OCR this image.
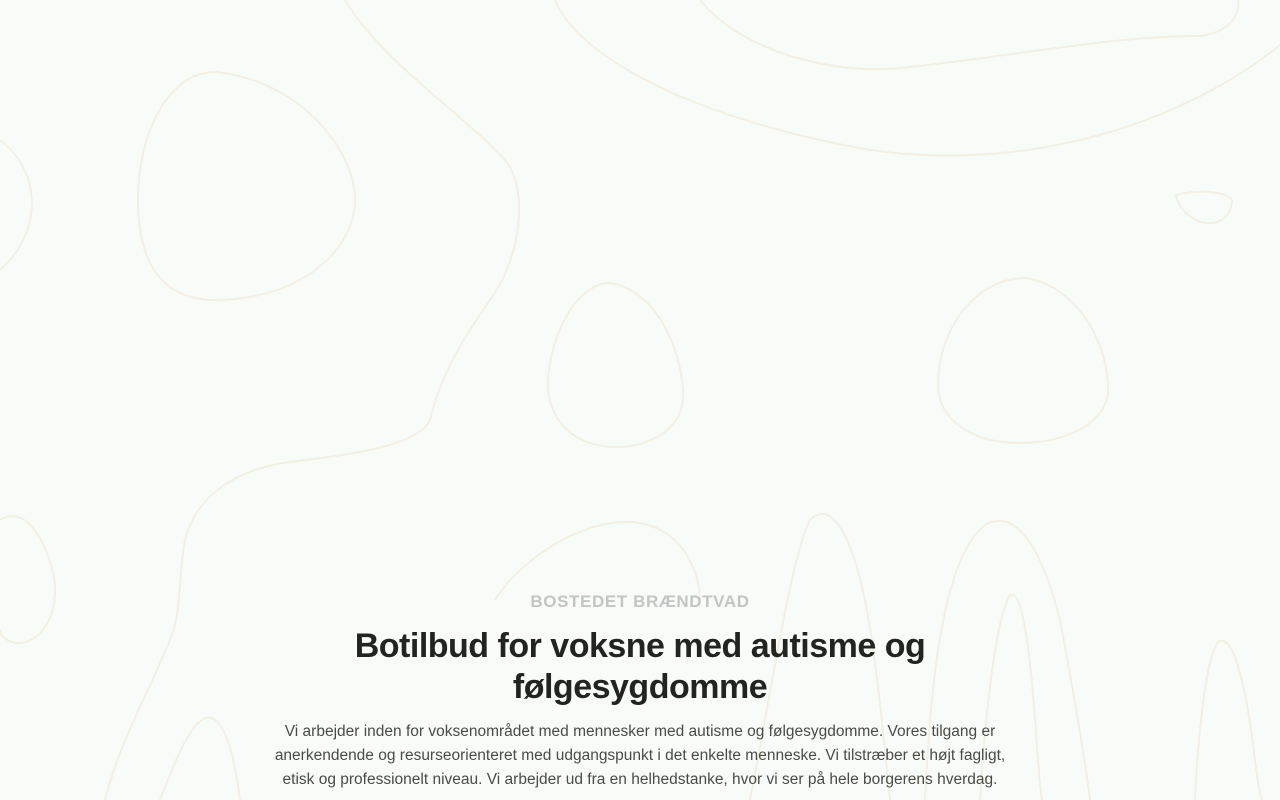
BOSTEDET BRÆNDTVAD

Botilbud for voksne med autisme og følgesygdomme

Vi arbejder inden for voksenområdet med mennesker med autisme og følgesygdomme. Vores tilgang er anerkendende og resurseorienteret med udgangspunkt i det enkelte menneske. Vi tilstræber et højt fagligt, etisk og professionelt niveau. Vi arbejder ud fra en helhedstanke, hvor vi ser på hele borgerens hverdag.
